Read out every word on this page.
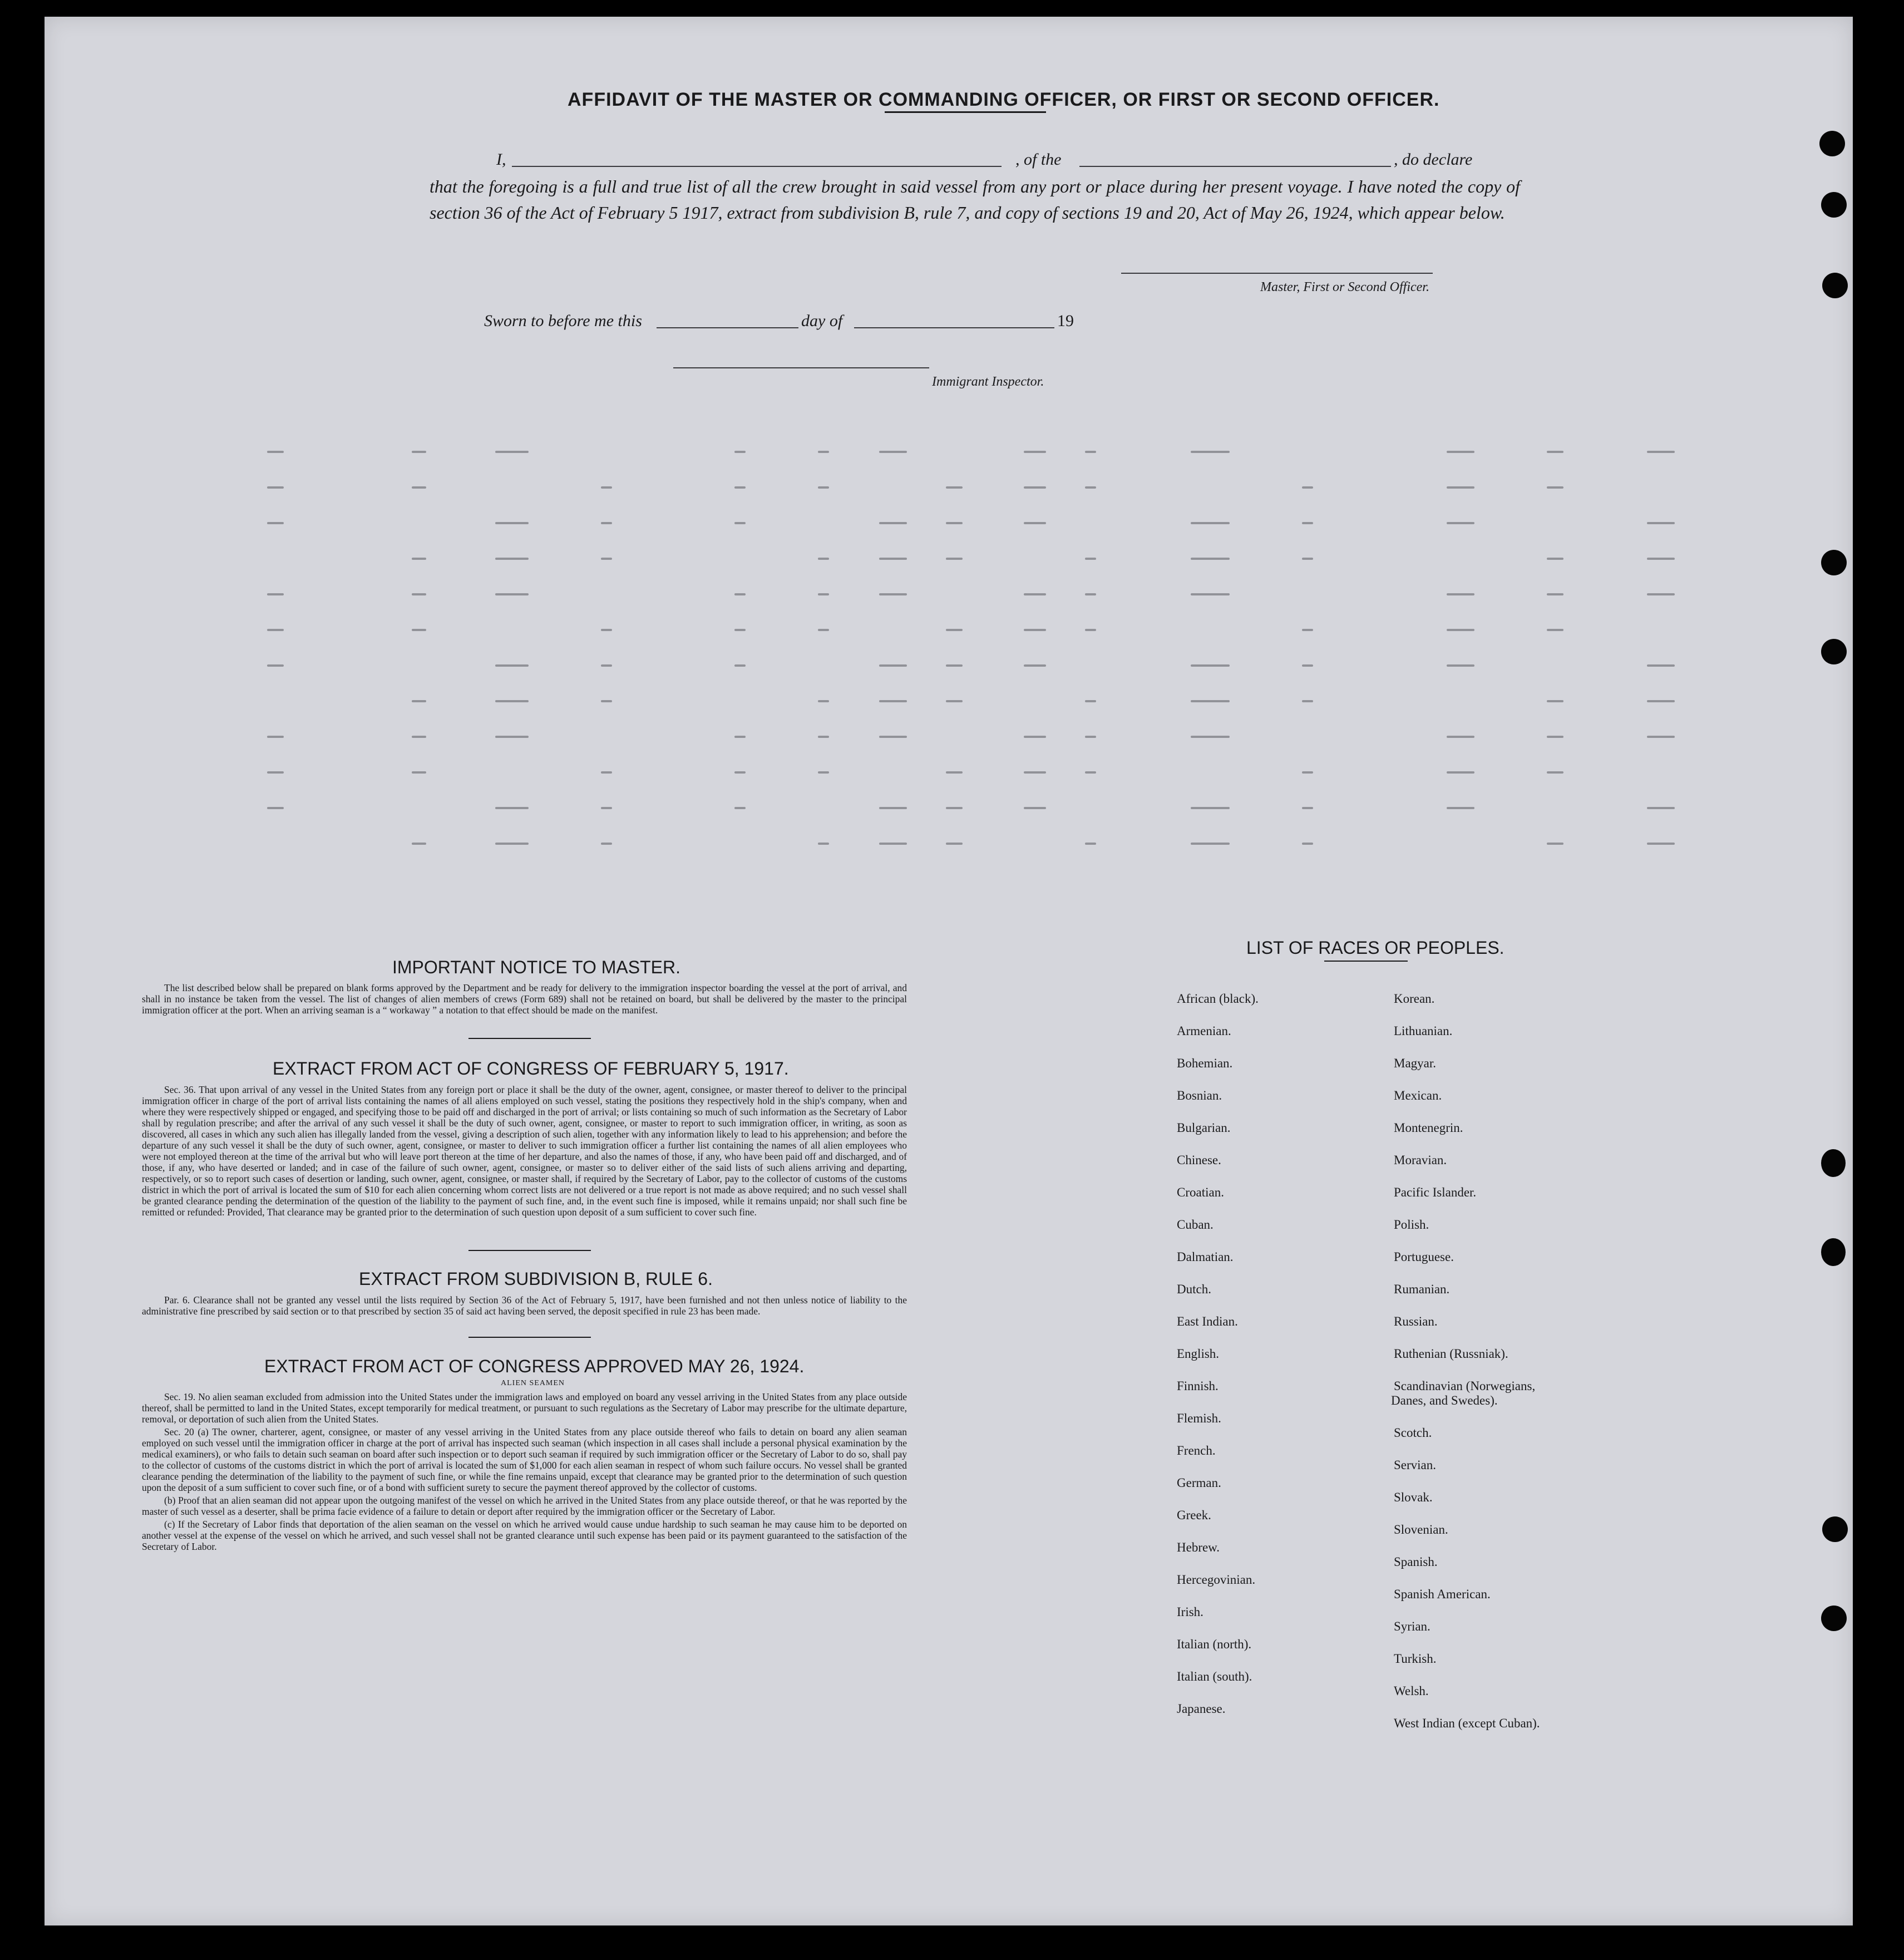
AFFIDAVIT OF THE MASTER OR COMMANDING OFFICER, OR FIRST OR SECOND OFFICER.
I,	, of the	, do declare

that the foregoing is a full and true list of all the crew brought in said vessel from any port or place during her present voyage. I have noted the copy of section 36 of the Act of February 5 1917, extract from subdivision B, rule 7, and copy of sections 19 and 20, Act of May 26, 1924, which appear below.

Master, First or Second Officer.
Sworn to before me this	day of	19
Immigrant Inspector.
IMPORTANT NOTICE TO MASTER.

The list described below shall be prepared on blank forms approved by the Department and be ready for delivery to the immigration inspector boarding the vessel at the port of arrival, and shall in no instance be taken from the vessel. The list of changes of alien members of crews (Form 689) shall not be retained on board, but shall be delivered by the master to the principal immigration officer at the port. When an arriving seaman is a “ workaway ” a notation to that effect should be made on the manifest.

EXTRACT FROM ACT OF CONGRESS OF FEBRUARY 5, 1917.

Sec. 36. That upon arrival of any vessel in the United States from any foreign port or place it shall be the duty of the owner, agent, consignee, or master thereof to deliver to the principal immigration officer in charge of the port of arrival lists containing the names of all aliens employed on such vessel, stating the positions they respectively hold in the ship's company, when and where they were respectively shipped or engaged, and specifying those to be paid off and discharged in the port of arrival; or lists containing so much of such information as the Secretary of Labor shall by regulation prescribe; and after the arrival of any such vessel it shall be the duty of such owner, agent, consignee, or master to report to such immigration officer, in writing, as soon as discovered, all cases in which any such alien has illegally landed from the vessel, giving a description of such alien, together with any information likely to lead to his apprehension; and before the departure of any such vessel it shall be the duty of such owner, agent, consignee, or master to deliver to such immigration officer a further list containing the names of all alien employees who were not employed thereon at the time of the arrival but who will leave port thereon at the time of her departure, and also the names of those, if any, who have been paid off and discharged, and of those, if any, who have deserted or landed; and in case of the failure of such owner, agent, consignee, or master so to deliver either of the said lists of such aliens arriving and departing, respectively, or so to report such cases of desertion or landing, such owner, agent, consignee, or master shall, if required by the Secretary of Labor, pay to the collector of customs of the customs district in which the port of arrival is located the sum of $10 for each alien concerning whom correct lists are not delivered or a true report is not made as above required; and no such vessel shall be granted clearance pending the determination of the question of the liability to the payment of such fine, and, in the event such fine is imposed, while it remains unpaid; nor shall such fine be remitted or refunded: Provided, That clearance may be granted prior to the determination of such question upon deposit of a sum sufficient to cover such fine.

EXTRACT FROM SUBDIVISION B, RULE 6.

Par. 6. Clearance shall not be granted any vessel until the lists required by Section 36 of the Act of February 5, 1917, have been furnished and not then unless notice of liability to the administrative fine prescribed by said section or to that prescribed by section 35 of said act having been served, the deposit specified in rule 23 has been made.

EXTRACT FROM ACT OF CONGRESS APPROVED MAY 26, 1924.
ALIEN SEAMEN

Sec. 19. No alien seaman excluded from admission into the United States under the immigration laws and employed on board any vessel arriving in the United States from any place outside thereof, shall be permitted to land in the United States, except temporarily for medical treatment, or pursuant to such regulations as the Secretary of Labor may prescribe for the ultimate departure, removal, or deportation of such alien from the United States.

Sec. 20 (a) The owner, charterer, agent, consignee, or master of any vessel arriving in the United States from any place outside thereof who fails to detain on board any alien seaman employed on such vessel until the immigration officer in charge at the port of arrival has inspected such seaman (which inspection in all cases shall include a personal physical examination by the medical examiners), or who fails to detain such seaman on board after such inspection or to deport such seaman if required by such immigration officer or the Secretary of Labor to do so, shall pay to the collector of customs of the customs district in which the port of arrival is located the sum of $1,000 for each alien seaman in respect of whom such failure occurs. No vessel shall be granted clearance pending the determination of the liability to the payment of such fine, or while the fine remains unpaid, except that clearance may be granted prior to the determination of such question upon the deposit of a sum sufficient to cover such fine, or of a bond with sufficient surety to secure the payment thereof approved by the collector of customs.

(b) Proof that an alien seaman did not appear upon the outgoing manifest of the vessel on which he arrived in the United States from any place outside thereof, or that he was reported by the master of such vessel as a deserter, shall be prima facie evidence of a failure to detain or deport after required by the immigration officer or the Secretary of Labor.

(c) If the Secretary of Labor finds that deportation of the alien seaman on the vessel on which he arrived would cause undue hardship to such seaman he may cause him to be deported on another vessel at the expense of the vessel on which he arrived, and such vessel shall not be granted clearance until such expense has been paid or its payment guaranteed to the satisfaction of the Secretary of Labor.

LIST OF RACES OR PEOPLES.
African (black).
Armenian.
Bohemian.
Bosnian.
Bulgarian.
Chinese.
Croatian.
Cuban.
Dalmatian.
Dutch.
East Indian.
English.
Finnish.
Flemish.
French.
German.
Greek.
Hebrew.
Hercegovinian.
Irish.
Italian (north).
Italian (south).
Japanese.
Korean.
Lithuanian.
Magyar.
Mexican.
Montenegrin.
Moravian.
Pacific Islander.
Polish.
Portuguese.
Rumanian.
Russian.
Ruthenian (Russniak).
Scandinavian (Norwegians,
Danes, and Swedes).
Scotch.
Servian.
Slovak.
Slovenian.
Spanish.
Spanish American.
Syrian.
Turkish.
Welsh.
West Indian (except Cuban).
